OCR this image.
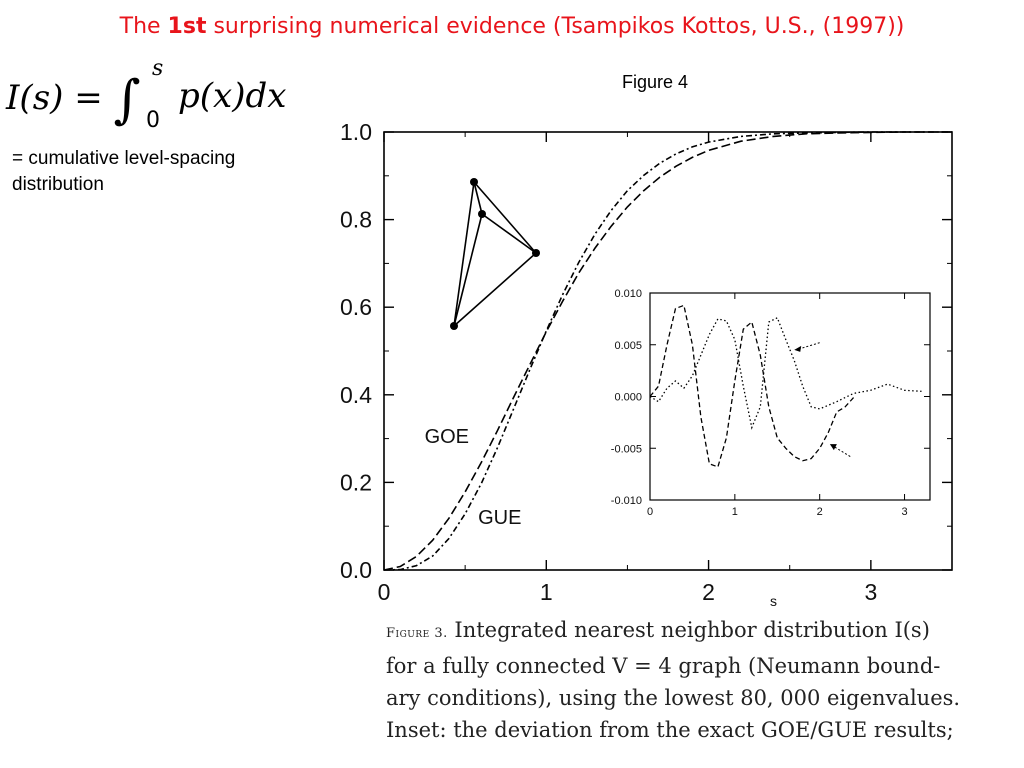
The 1st surprising numerical evidence (Tsampikos Kottos, U.S., (1997))
I(s) = ∫
s
0
p(x)dx
= cumulative level-spacing
distribution
Figure 4
0.0
0.2
0.4
0.6
0.8
1.0
0	1	2	3
s
GOE
GUE
0.010
0.005
0.000
-0.005
-0.010
0	1	2	3
Figure 3. Integrated nearest neighbor distribution I(s)
for a fully connected V = 4 graph (Neumann bound-
ary conditions), using the lowest 80, 000 eigenvalues.
Inset: the deviation from the exact GOE/GUE results;
